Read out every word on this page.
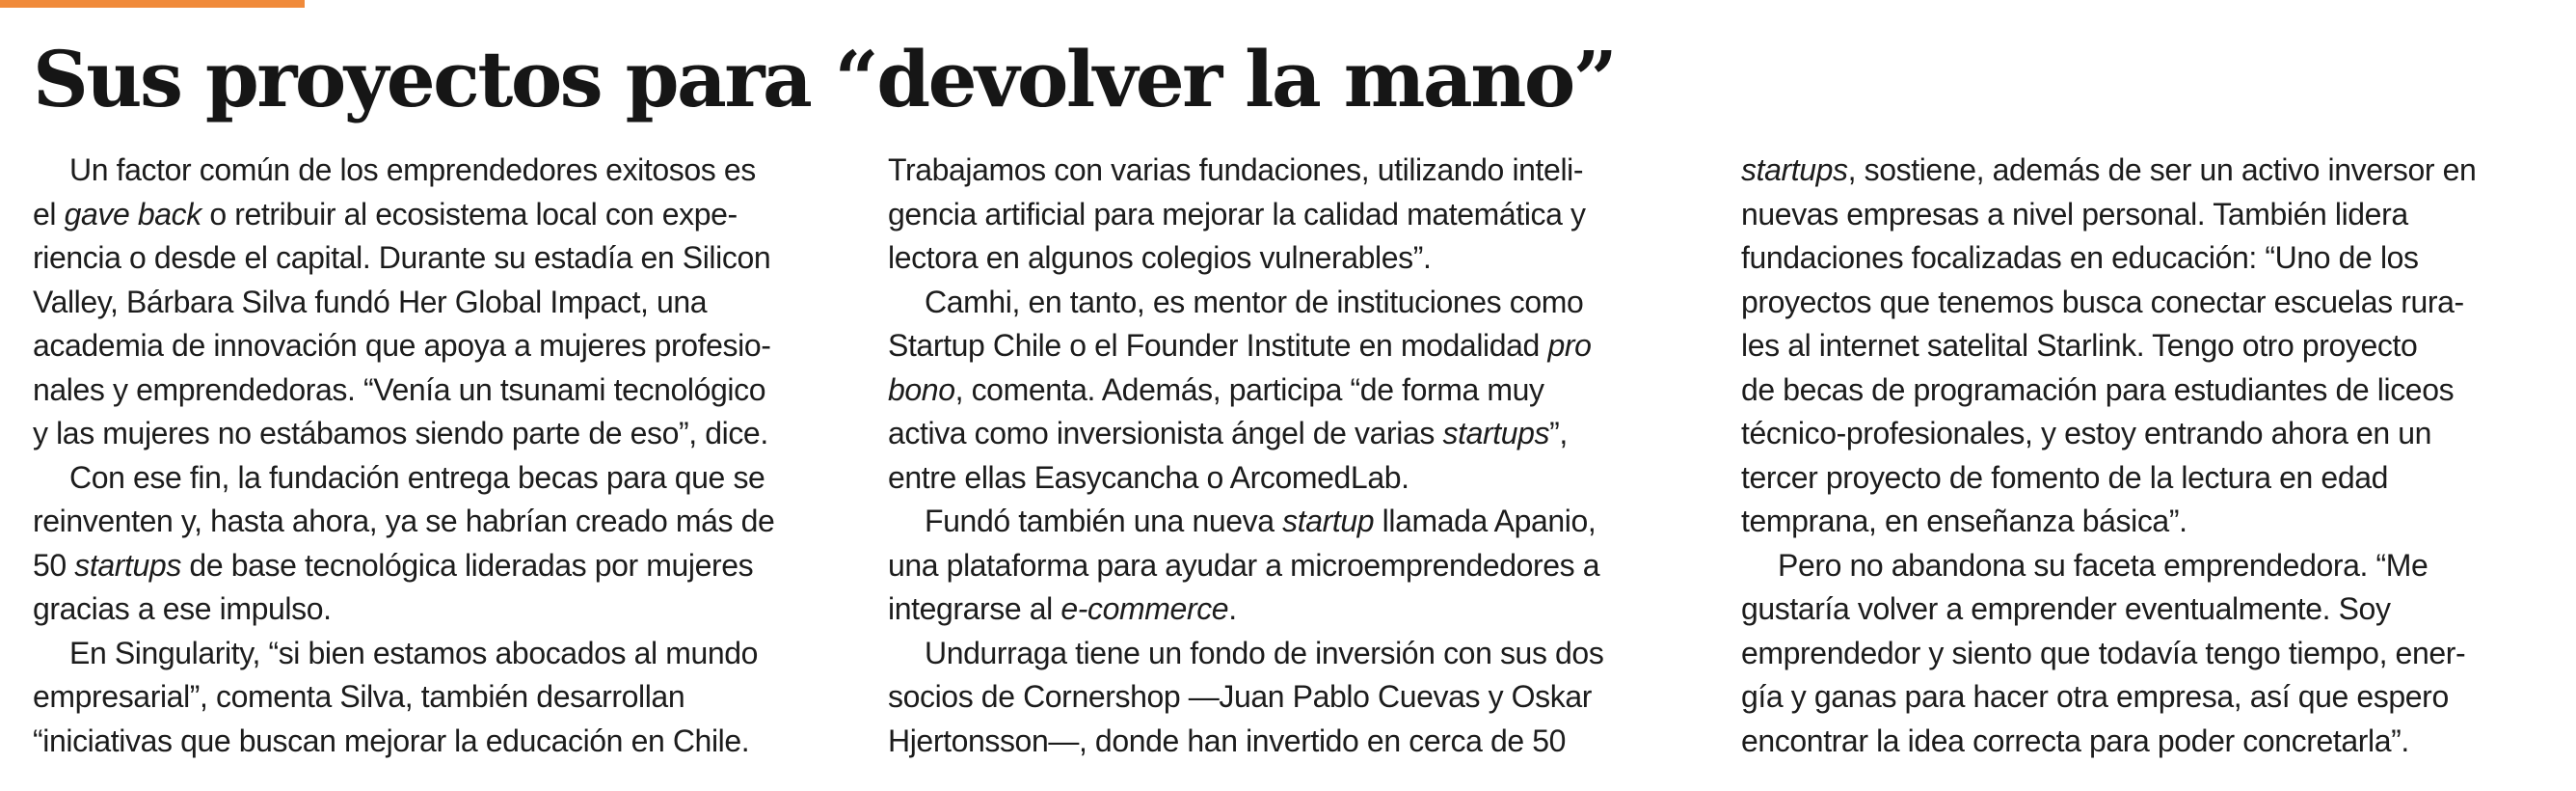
Sus proyectos para “devolver la mano”
Un factor común de los emprendedores exitosos es
el gave back o retribuir al ecosistema local con expe-
riencia o desde el capital. Durante su estadía en Silicon
Valley, Bárbara Silva fundó Her Global Impact, una
academia de innovación que apoya a mujeres profesio-
nales y emprendedoras. “Venía un tsunami tecnológico
y las mujeres no estábamos siendo parte de eso”, dice.
Con ese fin, la fundación entrega becas para que se
reinventen y, hasta ahora, ya se habrían creado más de
50 startups de base tecnológica lideradas por mujeres
gracias a ese impulso.
En Singularity, “si bien estamos abocados al mundo
empresarial”, comenta Silva, también desarrollan
“iniciativas que buscan mejorar la educación en Chile.
Trabajamos con varias fundaciones, utilizando inteli-
gencia artificial para mejorar la calidad matemática y
lectora en algunos colegios vulnerables”.
Camhi, en tanto, es mentor de instituciones como
Startup Chile o el Founder Institute en modalidad pro
bono, comenta. Además, participa “de forma muy
activa como inversionista ángel de varias startups”,
entre ellas Easycancha o ArcomedLab.
Fundó también una nueva startup llamada Apanio,
una plataforma para ayudar a microemprendedores a
integrarse al e-commerce.
Undurraga tiene un fondo de inversión con sus dos
socios de Cornershop —Juan Pablo Cuevas y Oskar
Hjertonsson—, donde han invertido en cerca de 50
startups, sostiene, además de ser un activo inversor en
nuevas empresas a nivel personal. También lidera
fundaciones focalizadas en educación: “Uno de los
proyectos que tenemos busca conectar escuelas rura-
les al internet satelital Starlink. Tengo otro proyecto
de becas de programación para estudiantes de liceos
técnico-profesionales, y estoy entrando ahora en un
tercer proyecto de fomento de la lectura en edad
temprana, en enseñanza básica”.
Pero no abandona su faceta emprendedora. “Me
gustaría volver a emprender eventualmente. Soy
emprendedor y siento que todavía tengo tiempo, ener-
gía y ganas para hacer otra empresa, así que espero
encontrar la idea correcta para poder concretarla”.
